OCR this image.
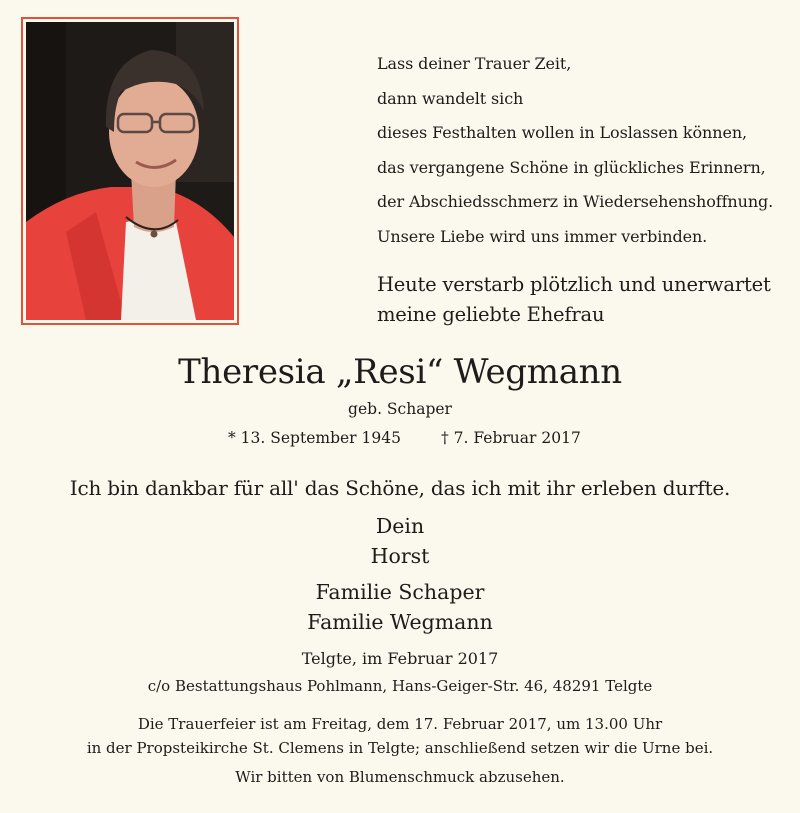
Lass deiner Trauer Zeit,
dann wandelt sich
dieses Festhalten wollen in Loslassen können,
das vergangene Schöne in glückliches Erinnern,
der Abschiedsschmerz in Wiedersehenshoffnung.
Unsere Liebe wird uns immer verbinden.
Heute verstarb plötzlich und unerwartet
meine geliebte Ehefrau
Theresia „Resi“ Wegmann
geb. Schaper
* 13. September 1945	† 7. Februar 2017
Ich bin dankbar für all' das Schöne, das ich mit ihr erleben durfte.
Dein
Horst
Familie Schaper
Familie Wegmann
Telgte, im Februar 2017
c/o Bestattungshaus Pohlmann, Hans-Geiger-Str. 46, 48291 Telgte
Die Trauerfeier ist am Freitag, dem 17. Februar 2017, um 13.00 Uhr
in der Propsteikirche St. Clemens in Telgte; anschließend setzen wir die Urne bei.
Wir bitten von Blumenschmuck abzusehen.
